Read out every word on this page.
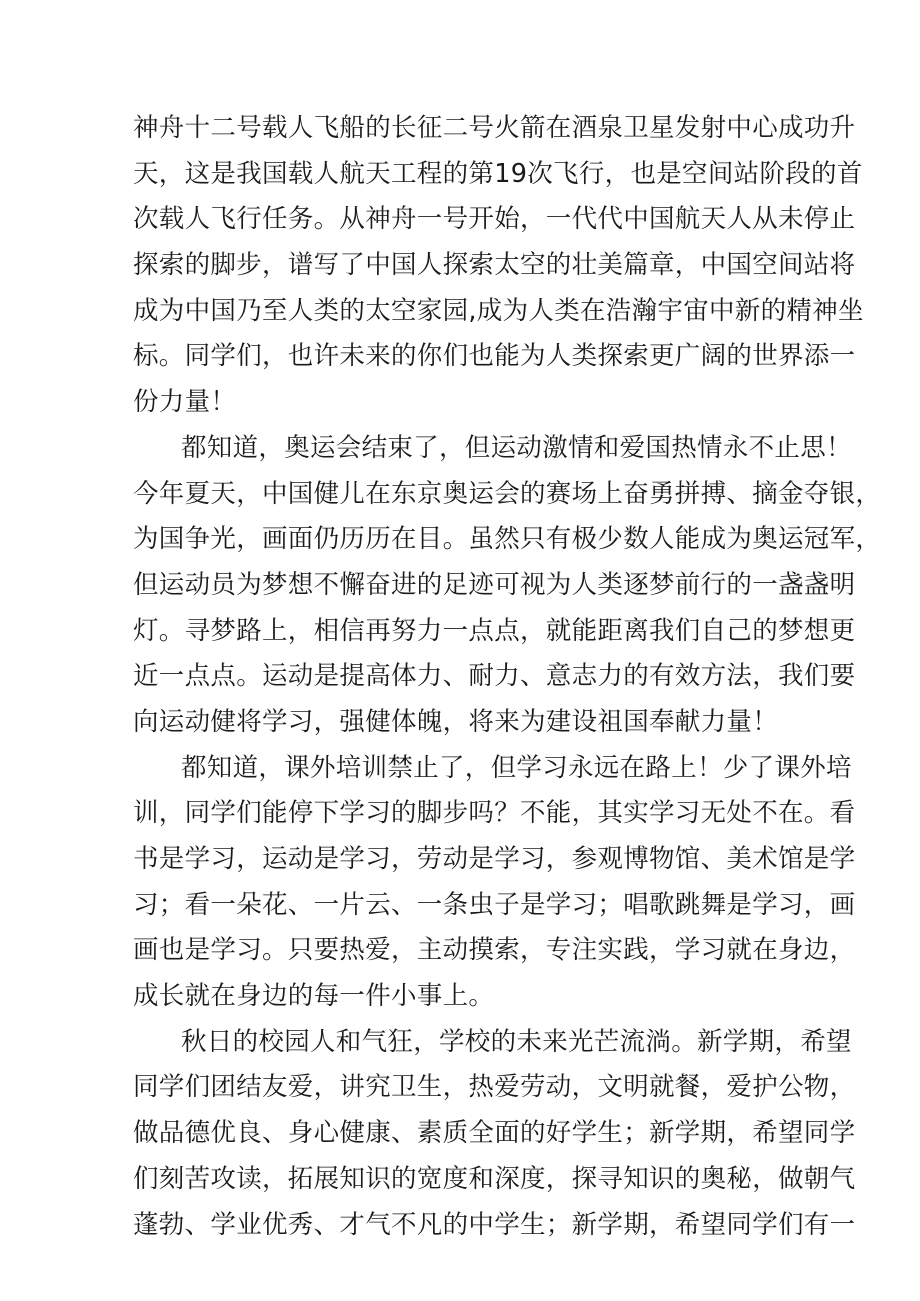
神舟十二号载人飞船的长征二号火箭在酒泉卫星发射中心成功升
天，这是我国载人航天工程的第19次飞行，也是空间站阶段的首
次载人飞行任务。从神舟一号开始，一代代中国航天人从未停止
探索的脚步，谱写了中国人探索太空的壮美篇章，中国空间站将
成为中国乃至人类的太空家园,成为人类在浩瀚宇宙中新的精神坐
标。同学们，也许未来的你们也能为人类探索更广阔的世界添一
份力量！
都知道，奥运会结束了，但运动激情和爱国热情永不止思！
今年夏天，中国健儿在东京奥运会的赛场上奋勇拼搏、摘金夺银，
为国争光，画面仍历历在目。虽然只有极少数人能成为奥运冠军，
但运动员为梦想不懈奋进的足迹可视为人类逐梦前行的一盏盏明
灯。寻梦路上，相信再努力一点点，就能距离我们自己的梦想更
近一点点。运动是提高体力、耐力、意志力的有效方法，我们要
向运动健将学习，强健体魄，将来为建设祖国奉献力量！
都知道，课外培训禁止了，但学习永远在路上！少了课外培
训，同学们能停下学习的脚步吗？不能，其实学习无处不在。看
书是学习，运动是学习，劳动是学习，参观博物馆、美术馆是学
习；看一朵花、一片云、一条虫子是学习；唱歌跳舞是学习，画
画也是学习。只要热爱，主动摸索，专注实践，学习就在身边，
成长就在身边的每一件小事上。
秋日的校园人和气狂，学校的未来光芒流淌。新学期，希望
同学们团结友爱，讲究卫生，热爱劳动，文明就餐，爱护公物，
做品德优良、身心健康、素质全面的好学生；新学期，希望同学
们刻苦攻读，拓展知识的宽度和深度，探寻知识的奥秘，做朝气
蓬勃、学业优秀、才气不凡的中学生；新学期，希望同学们有一
